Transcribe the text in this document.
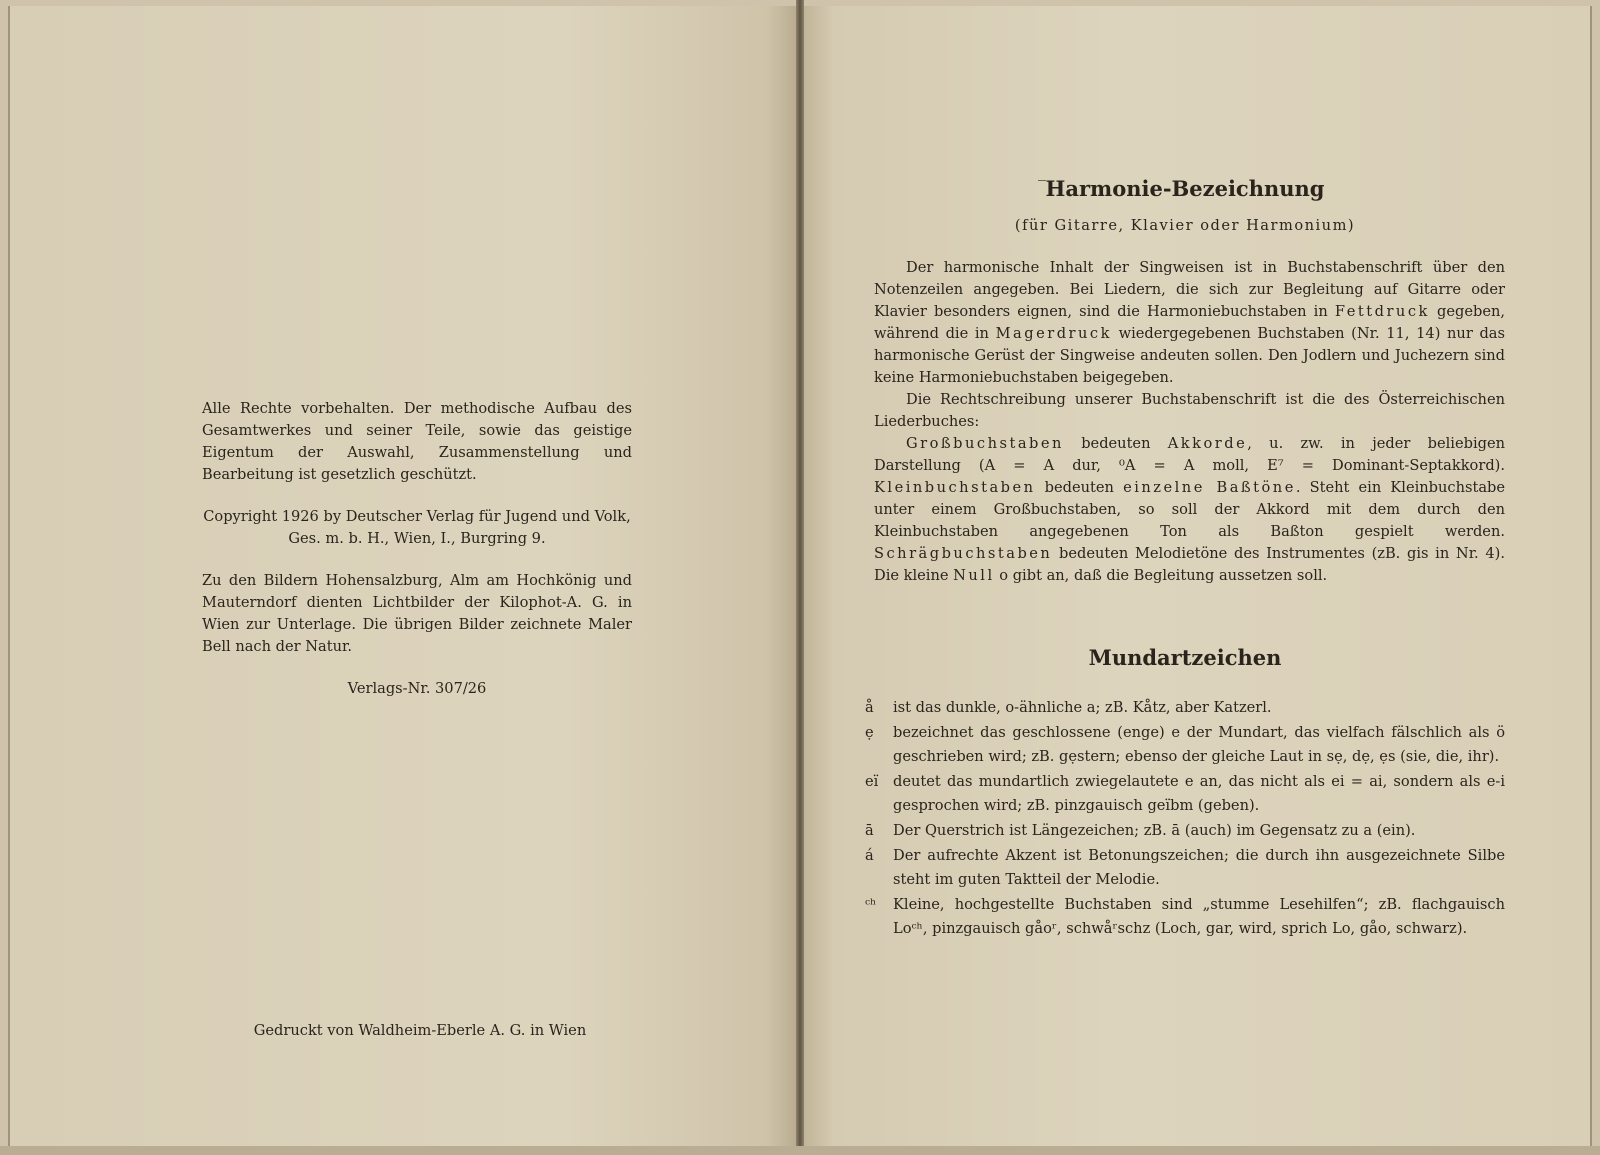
Alle Rechte vorbehalten. Der methodische Aufbau des Gesamtwerkes und seiner Teile, sowie das geistige Eigentum der Auswahl, Zusammenstellung und Bearbeitung ist gesetzlich geschützt.

Copyright 1926 by Deutscher Verlag für Jugend und Volk, Ges. m. b. H., Wien, I., Burgring 9.

Zu den Bildern Hohensalzburg, Alm am Hochkönig und Mauterndorf dienten Lichtbilder der Kilophot-A. G. in Wien zur Unterlage. Die übrigen Bilder zeichnete Maler Bell nach der Natur.

Verlags-Nr. 307/26

Gedruckt von Waldheim-Eberle A. G. in Wien
Harmonie-Bezeichnung
(für Gitarre, Klavier oder Harmonium)

Der harmonische Inhalt der Singweisen ist in Buchstabenschrift über den Notenzeilen angegeben. Bei Liedern, die sich zur Begleitung auf Gitarre oder Klavier besonders eignen, sind die Harmoniebuchstaben in Fettdruck gegeben, während die in Magerdruck wiedergegebenen Buchstaben (Nr. 11, 14) nur das harmonische Gerüst der Singweise andeuten sollen. Den Jodlern und Juchezern sind keine Harmoniebuchstaben beigegeben.

Die Rechtschreibung unserer Buchstabenschrift ist die des Österreichischen Liederbuches:

Großbuchstaben bedeuten Akkorde, u. zw. in jeder beliebigen Darstellung (A = A dur, ⁰A = A moll, E⁷ = Dominant-Septakkord). Kleinbuchstaben bedeuten einzelne Baßtöne. Steht ein Kleinbuchstabe unter einem Großbuchstaben, so soll der Akkord mit dem durch den Kleinbuchstaben angegebenen Ton als Baßton gespielt werden. Schrägbuchstaben bedeuten Melodietöne des Instrumentes (zB. gis in Nr. 4). Die kleine Null o gibt an, daß die Begleitung aussetzen soll.

Mundartzeichen
å	ist das dunkle, o-ähnliche a; zB. Kåtz, aber Katzerl.
ẹ	bezeichnet das geschlossene (enge) e der Mundart, das vielfach fälschlich als ö geschrieben wird; zB. gẹstern; ebenso der gleiche Laut in sẹ, dẹ, ẹs (sie, die, ihr).
eï	deutet das mundartlich zwiegelautete e an, das nicht als ei = ai, sondern als e-i gesprochen wird; zB. pinzgauisch geïbm (geben).
ā	Der Querstrich ist Längezeichen; zB. ā (auch) im Gegensatz zu a (ein).
á	Der aufrechte Akzent ist Betonungszeichen; die durch ihn ausgezeichnete Silbe steht im guten Taktteil der Melodie.
ᶜʰ	Kleine, hochgestellte Buchstaben sind „stumme Lesehilfen“; zB. flachgauisch Loᶜʰ, pinzgauisch gåoʳ, schwåʳschz (Loch, gar, wird, sprich Lo, gåo, schwarz).
